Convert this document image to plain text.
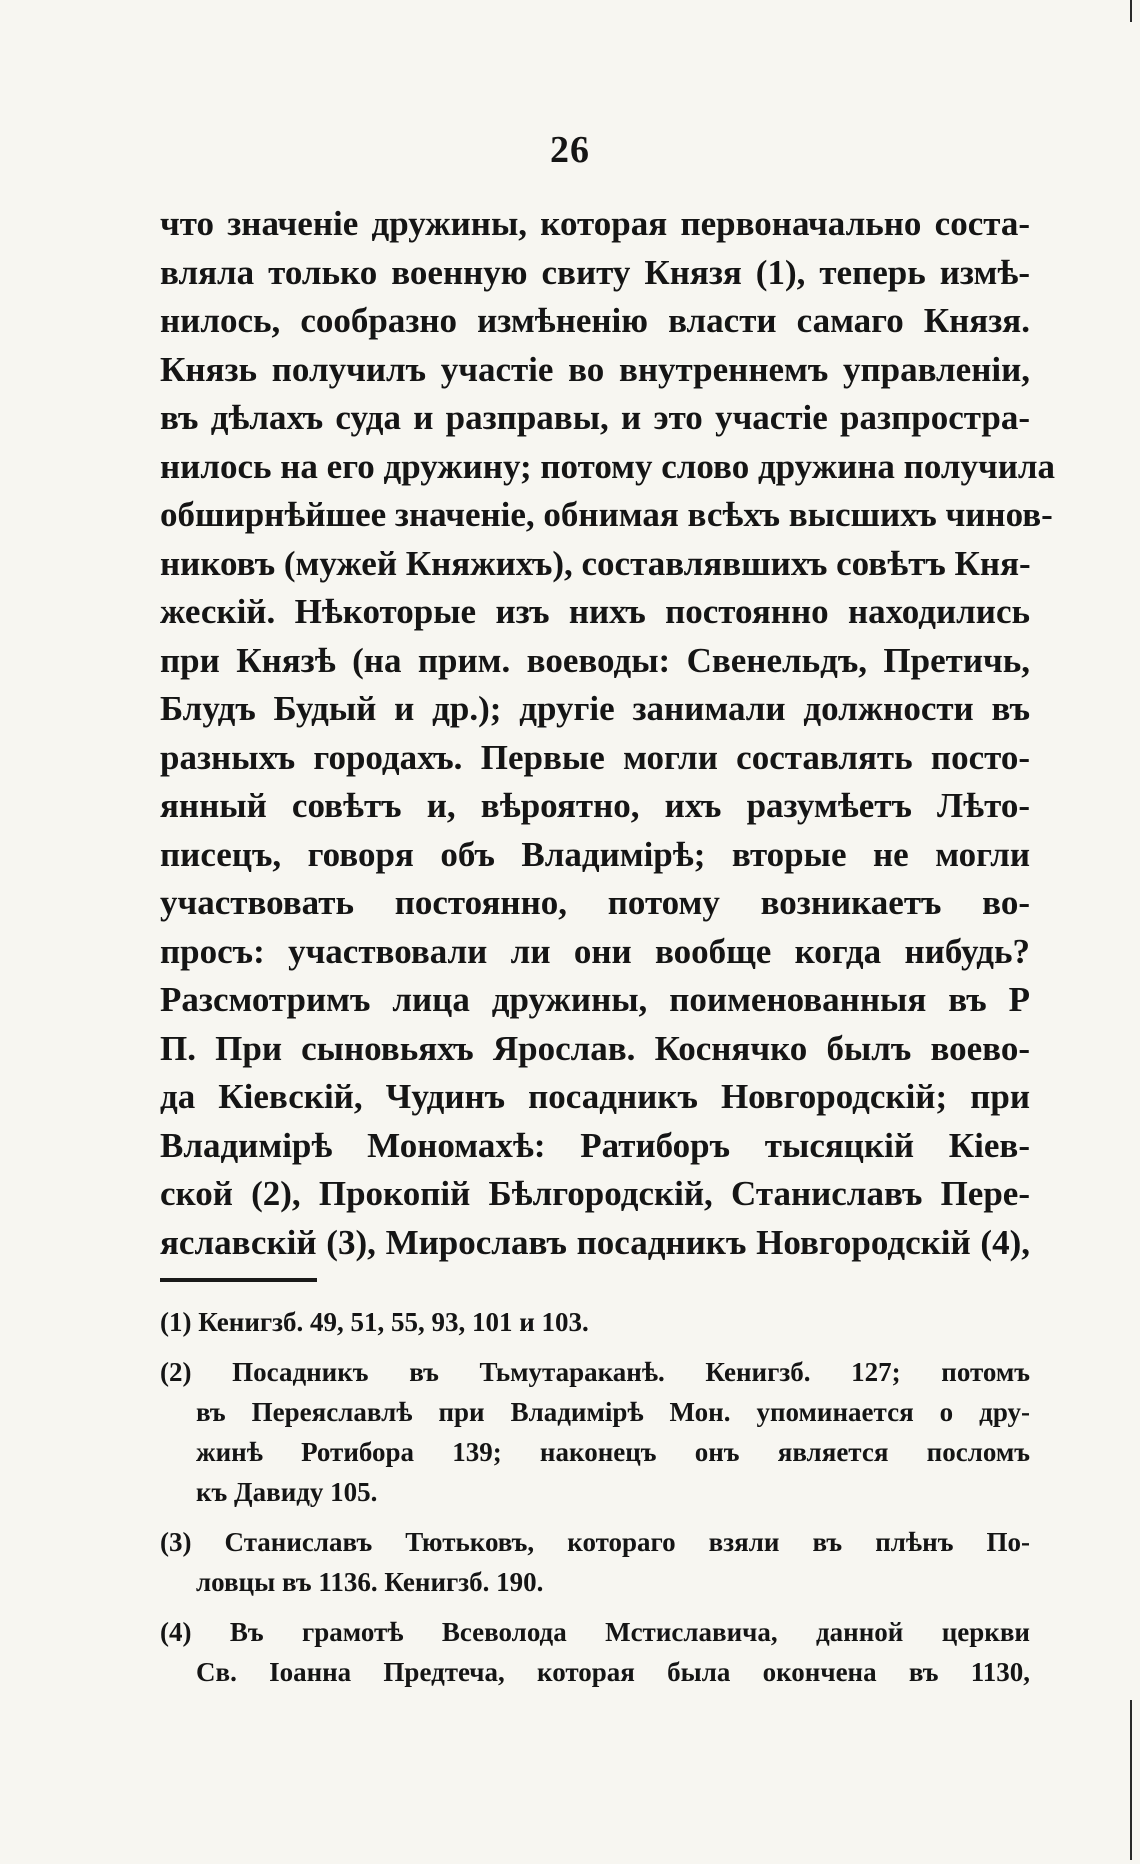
26
что значеніе дружины, которая первоначально соста-
вляла только военную свиту Князя (1), теперь измѣ-
нилось, сообразно измѣненію власти самаго Князя.
Князь получилъ участіе во внутреннемъ управленіи,
въ дѣлахъ суда и разправы, и это участіе разпростра-
нилось на его дружину; потому слово дружина получила
обширнѣйшее значеніе, обнимая всѣхъ высшихъ чинов-
никовъ (мужей Княжихъ), составлявшихъ совѣтъ Кня-
жескій. Нѣкоторые изъ нихъ постоянно находились
при Князѣ (на прим. воеводы: Свенельдъ, Претичь,
Блудъ Будый и др.); другіе занимали должности въ
разныхъ городахъ. Первые могли составлять посто-
янный совѣтъ и, вѣроятно, ихъ разумѣетъ Лѣто-
писецъ, говоря объ Владимірѣ; вторые не могли
участвовать постоянно, потому возникаетъ во-
просъ: участвовали ли они вообще когда нибудь?
Разсмотримъ лица дружины, поименованныя въ Р
П. При сыновьяхъ Ярослав. Коснячко былъ воево-
да Кіевскій, Чудинъ посадникъ Новгородскій; при
Владимірѣ Мономахѣ: Ратиборъ тысяцкій Кіев-
ской (2), Прокопій Бѣлгородскій, Станиславъ Пере-
яславскій (3), Мирославъ посадникъ Новгородскій (4),
(1) Кенигзб. 49, 51, 55, 93, 101 и 103.
(2) Посадникъ въ Тьмутараканѣ. Кенигзб. 127; потомъ
въ Переяславлѣ при Владимірѣ Мон. упоминается о дру-
жинѣ Ротибора 139; наконецъ онъ является посломъ
къ Давиду 105.
(3) Станиславъ Тютьковъ, котораго взяли въ плѣнъ По-
ловцы въ 1136. Кенигзб. 190.
(4) Въ грамотѣ Всеволода Мстиславича, данной церкви
Св. Іоанна Предтеча, которая была окончена въ 1130,
